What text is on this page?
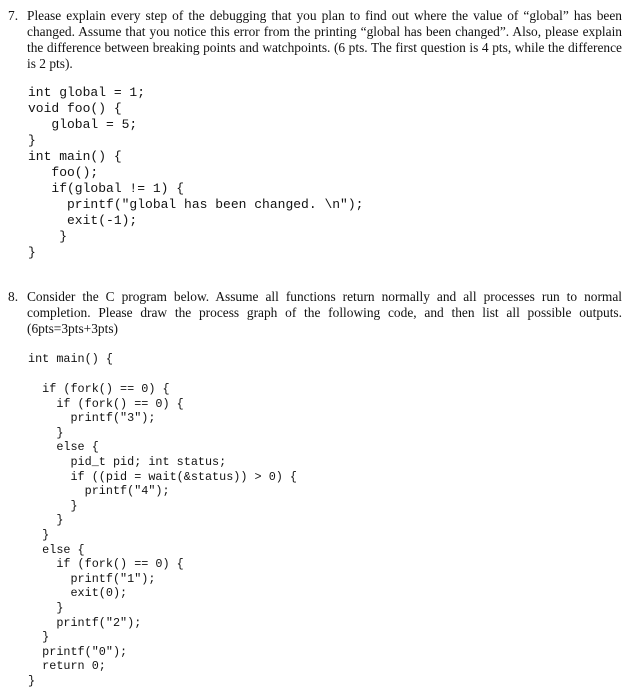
7. Please explain every step of the debugging that you plan to find out where the value of “global” has been changed. Assume that you notice this error from the printing “global has been changed”. Also, please explain the difference between breaking points and watchpoints. (6 pts. The first question is 4 pts, while the difference is 2 pts).
int global = 1;
void foo() {
global = 5;
}
int main() {
foo();
if(global != 1) {
printf("global has been changed. \n");
exit(-1);
}
}
8. Consider the C program below. Assume all functions return normally and all processes run to normal completion. Please draw the process graph of the following code, and then list all possible outputs. (6pts=3pts+3pts)
int main() {
if (fork() == 0) {
if (fork() == 0) {
printf("3");
}
else {
pid_t pid; int status;
if ((pid = wait(&status)) > 0) {
printf("4");
}
}
}
else {
if (fork() == 0) {
printf("1");
exit(0);
}
printf("2");
}
printf("0");
return 0;
}
